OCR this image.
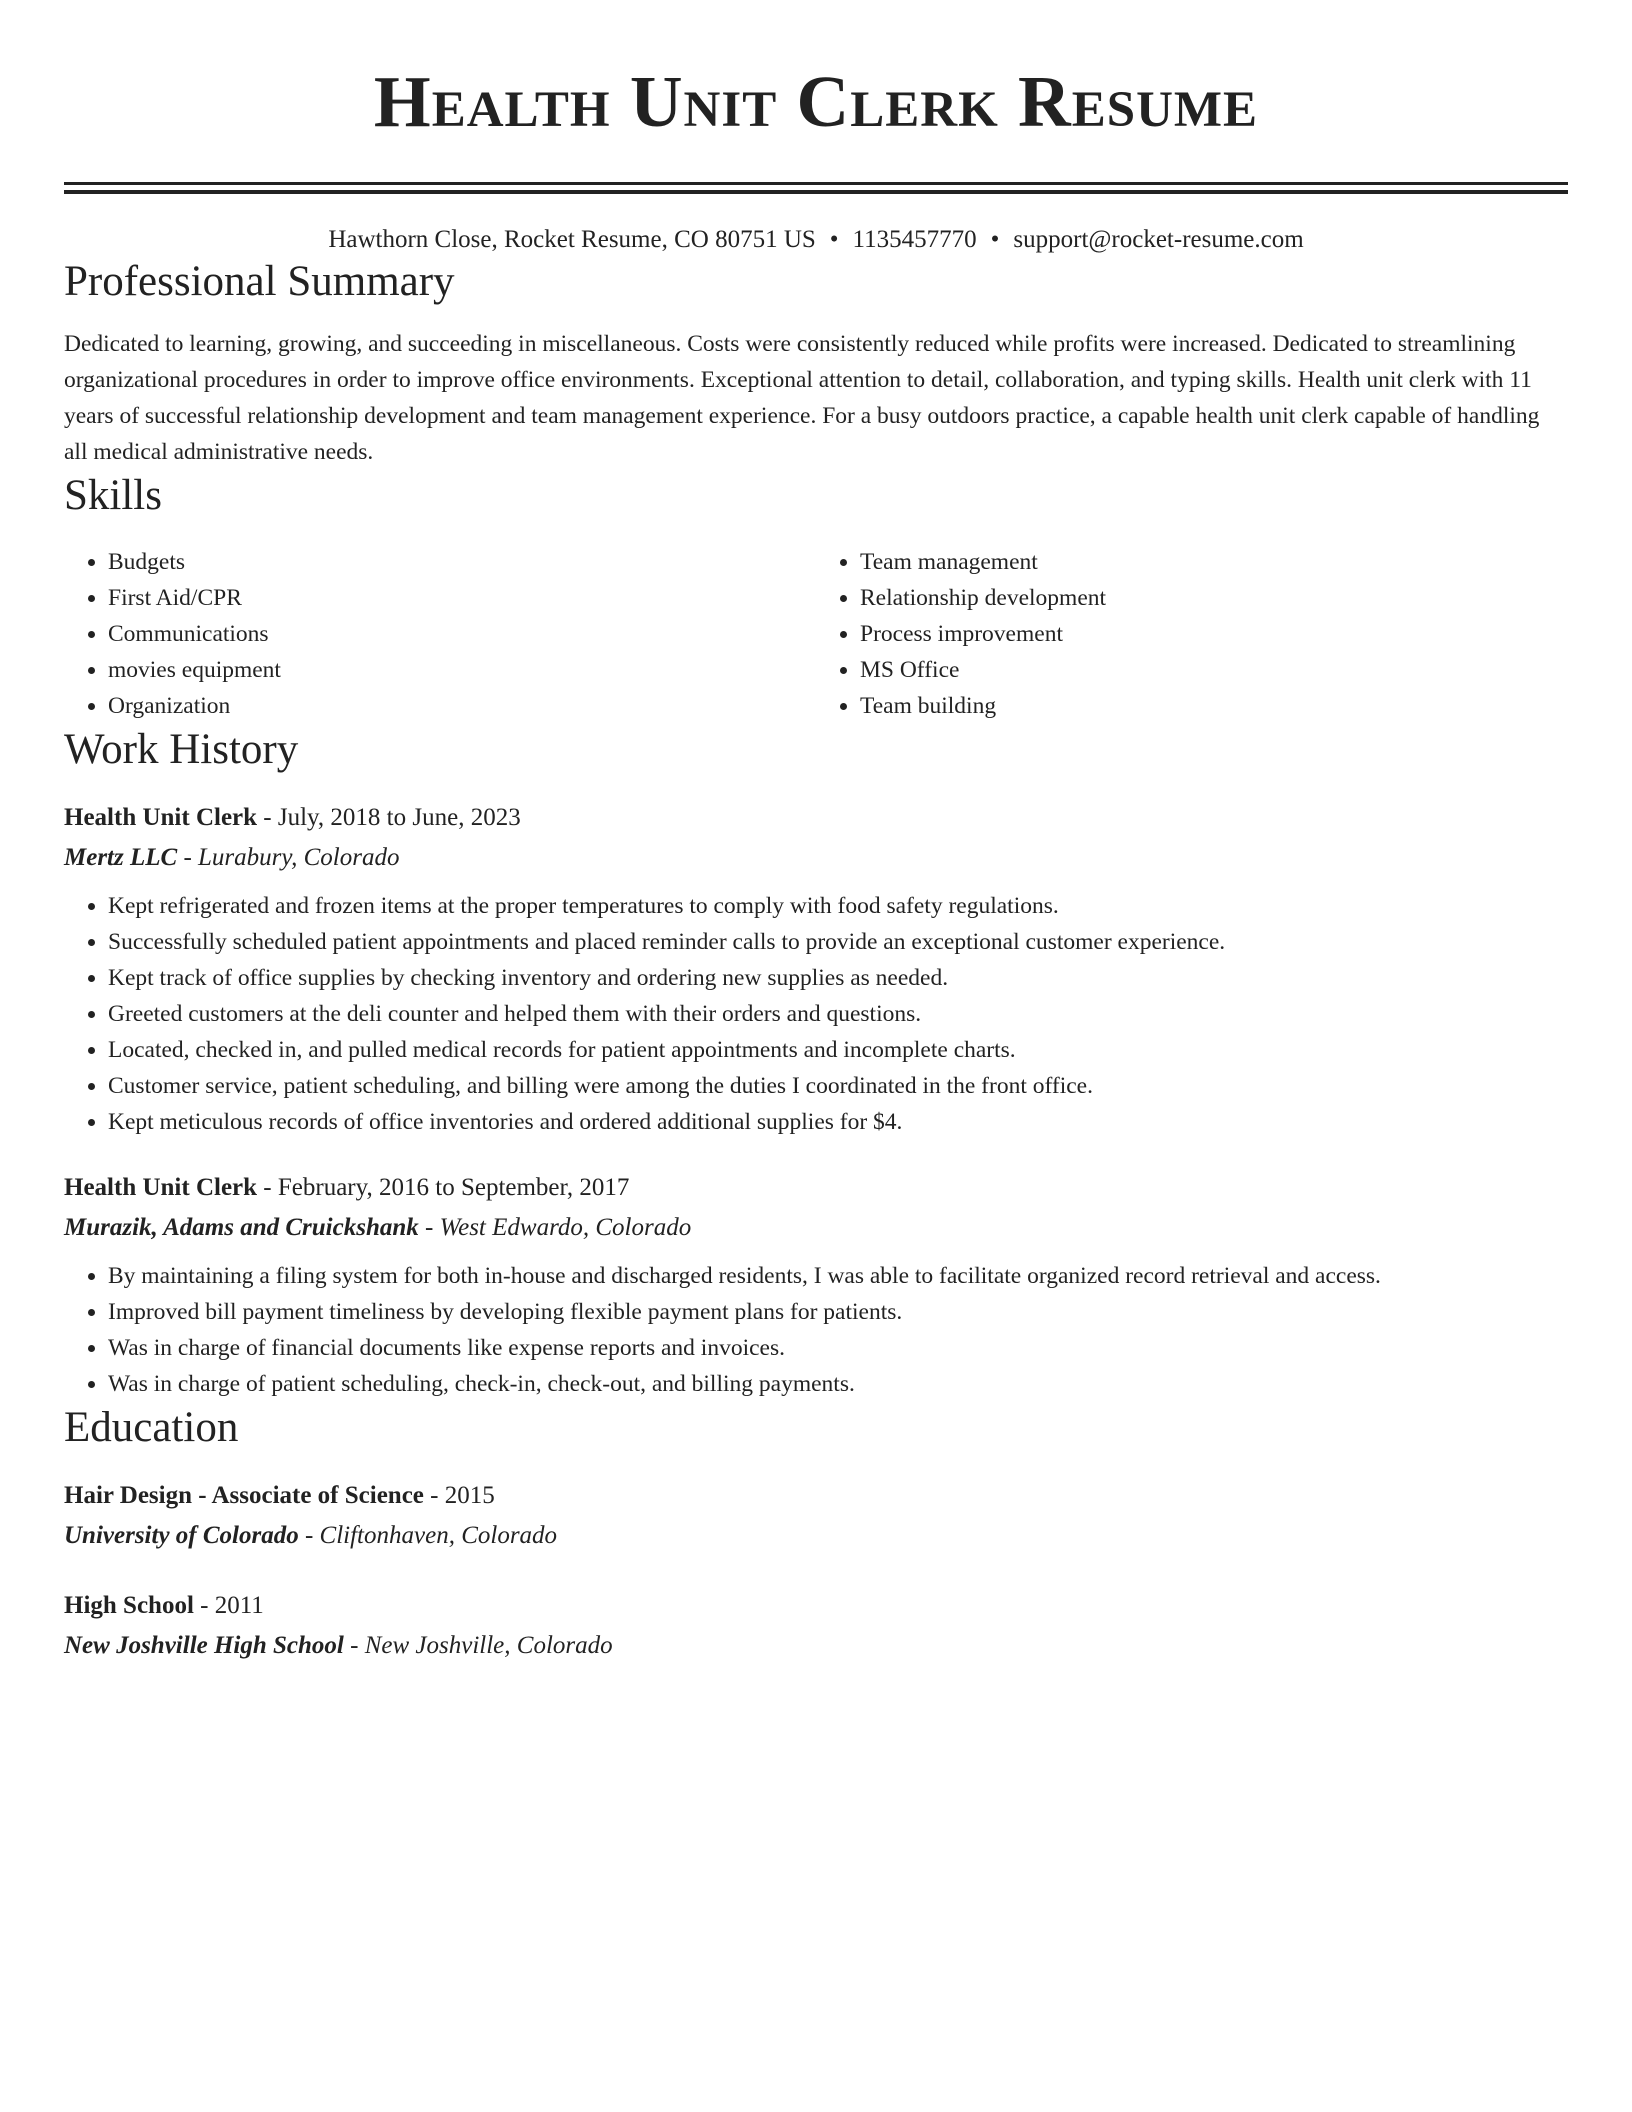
Health Unit Clerk Resume
Hawthorn Close, Rocket Resume, CO 80751 US • 1135457770 • support@rocket-resume.com
Professional Summary

Dedicated to learning, growing, and succeeding in miscellaneous. Costs were consistently reduced while profits were increased. Dedicated to streamlining organizational procedures in order to improve office environments. Exceptional attention to detail, collaboration, and typing skills. Health unit clerk with 11 years of successful relationship development and team management experience. For a busy outdoors practice, a capable health unit clerk capable of handling all medical administrative needs.

Skills
• Budgets
• First Aid/CPR
• Communications
• movies equipment
• Organization
• Team management
• Relationship development
• Process improvement
• MS Office
• Team building
Work History
Health Unit Clerk - July, 2018 to June, 2023
Mertz LLC - Lurabury, Colorado
• Kept refrigerated and frozen items at the proper temperatures to comply with food safety regulations.
• Successfully scheduled patient appointments and placed reminder calls to provide an exceptional customer experience.
• Kept track of office supplies by checking inventory and ordering new supplies as needed.
• Greeted customers at the deli counter and helped them with their orders and questions.
• Located, checked in, and pulled medical records for patient appointments and incomplete charts.
• Customer service, patient scheduling, and billing were among the duties I coordinated in the front office.
• Kept meticulous records of office inventories and ordered additional supplies for $4.
Health Unit Clerk - February, 2016 to September, 2017
Murazik, Adams and Cruickshank - West Edwardo, Colorado
• By maintaining a filing system for both in-house and discharged residents, I was able to facilitate organized record retrieval and access.
• Improved bill payment timeliness by developing flexible payment plans for patients.
• Was in charge of financial documents like expense reports and invoices.
• Was in charge of patient scheduling, check-in, check-out, and billing payments.
Education
Hair Design - Associate of Science - 2015
University of Colorado - Cliftonhaven, Colorado
High School - 2011
New Joshville High School - New Joshville, Colorado
